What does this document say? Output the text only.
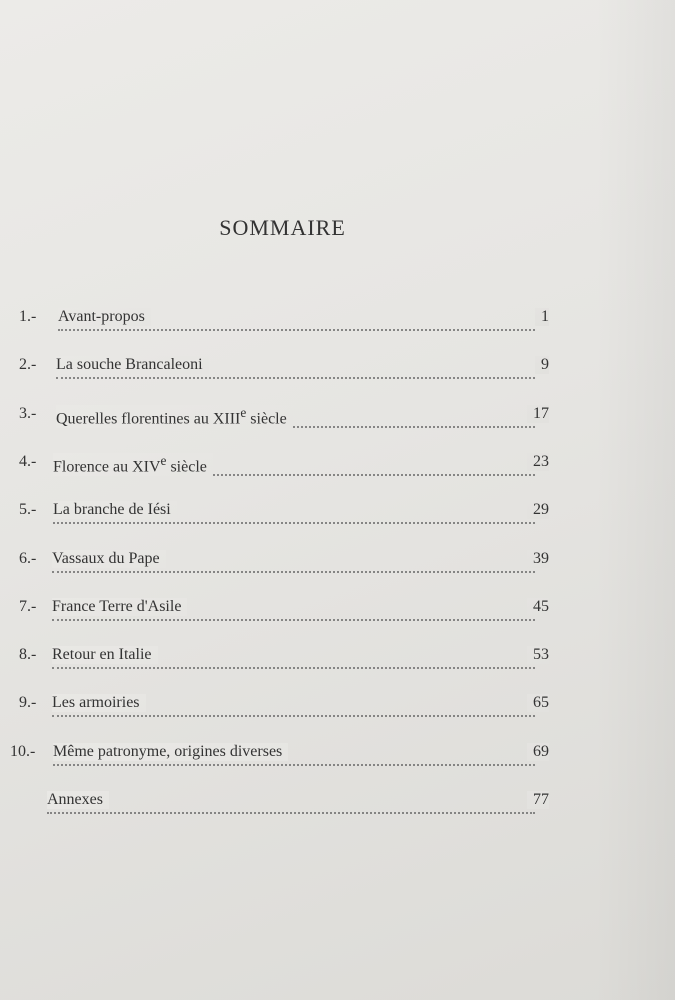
SOMMAIRE
1.- Avant-propos	1
2.- La souche Brancaleoni	9
3.- Querelles florentines au XIIIe siècle	17
4.- Florence au XIVe siècle	23
5.- La branche de Iési	29
6.- Vassaux du Pape	39
7.- France Terre d'Asile	45
8.- Retour en Italie	53
9.- Les armoiries	65
10.- Même patronyme, origines diverses	69
Annexes	77
